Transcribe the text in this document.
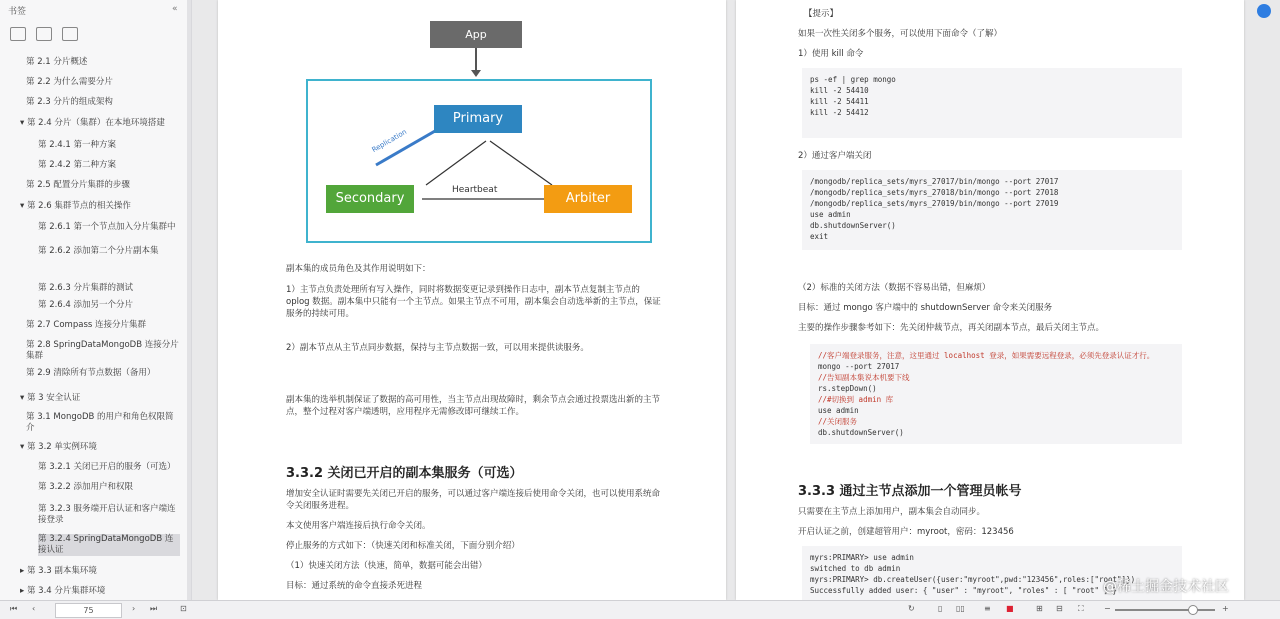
书签	«
第 2.1 分片概述
第 2.2 为什么需要分片
第 2.3 分片的组成架构
▾ 第 2.4 分片（集群）在本地环境搭建
第 2.4.1 第一种方案
第 2.4.2 第二种方案
第 2.5 配置分片集群的步骤
▾ 第 2.6 集群节点的相关操作
第 2.6.1 第一个节点加入分片集群中
第 2.6.2 添加第二个分片副本集
第 2.6.3 分片集群的测试
第 2.6.4 添加另一个分片
第 2.7 Compass 连接分片集群
第 2.8 SpringDataMongoDB 连接分片集群
第 2.9 清除所有节点数据（备用）
▾ 第 3 安全认证
第 3.1 MongoDB 的用户和角色权限简介
▾ 第 3.2 单实例环境
第 3.2.1 关闭已开启的服务（可选）
第 3.2.2 添加用户和权限
第 3.2.3 服务端开启认证和客户端连接登录
第 3.2.4 SpringDataMongoDB 连接认证
▸ 第 3.3 副本集环境
▸ 第 3.4 分片集群环境
App
Primary
Secondary	Arbiter
Heartbeat
Replication
副本集的成员角色及其作用说明如下：
1）主节点负责处理所有写入操作，同时将数据变更记录到操作日志中，副本节点复制主节点的 oplog 数据。副本集中只能有一个主节点。如果主节点不可用，副本集会自动选举新的主节点，保证服务的持续可用。
2）副本节点从主节点同步数据，保持与主节点数据一致，可以用来提供读服务。
副本集的选举机制保证了数据的高可用性，当主节点出现故障时，剩余节点会通过投票选出新的主节点，整个过程对客户端透明，应用程序无需修改即可继续工作。
3.3.2 关闭已开启的副本集服务（可选）
增加安全认证时需要先关闭已开启的服务，可以通过客户端连接后使用命令关闭，也可以使用系统命令关闭服务进程。
本文使用客户端连接后执行命令关闭。
停止服务的方式如下：（快速关闭和标准关闭，下面分别介绍）
（1）快速关闭方法（快速，简单，数据可能会出错）
目标：通过系统的命令直接杀死进程
【提示】
如果一次性关闭多个服务，可以使用下面命令（了解）
1）使用 kill 命令
ps -ef | grep mongo
kill -2 54410
kill -2 54411
kill -2 54412
2）通过客户端关闭
/mongodb/replica_sets/myrs_27017/bin/mongo --port 27017
/mongodb/replica_sets/myrs_27018/bin/mongo --port 27018
/mongodb/replica_sets/myrs_27019/bin/mongo --port 27019
use admin
db.shutdownServer()
exit
（2）标准的关闭方法（数据不容易出错，但麻烦）
目标：通过 mongo 客户端中的 shutdownServer 命令来关闭服务
主要的操作步骤参考如下：先关闭仲裁节点，再关闭副本节点，最后关闭主节点。
//客户端登录服务，注意，这里通过 localhost 登录，如果需要远程登录，必须先登录认证才行。
mongo --port 27017
//告知副本集说本机要下线
rs.stepDown()
//#切换到 admin 库
use admin
//关闭服务
db.shutdownServer()
3.3.3 通过主节点添加一个管理员帐号
只需要在主节点上添加用户，副本集会自动同步。
开启认证之前，创建超管用户：myroot，密码：123456
myrs:PRIMARY> use admin
switched to db admin
myrs:PRIMARY> db.createUser({user:"myroot",pwd:"123456",roles:["root"]})
Successfully added user: { "user" : "myroot", "roles" : [ "root" ] }
⏮ ‹	75	› ⏭	⊡	↻	▯ ▯▯ ≡ ■	⊞ ⊟ ⛶	−	+
@稀土掘金技术社区
